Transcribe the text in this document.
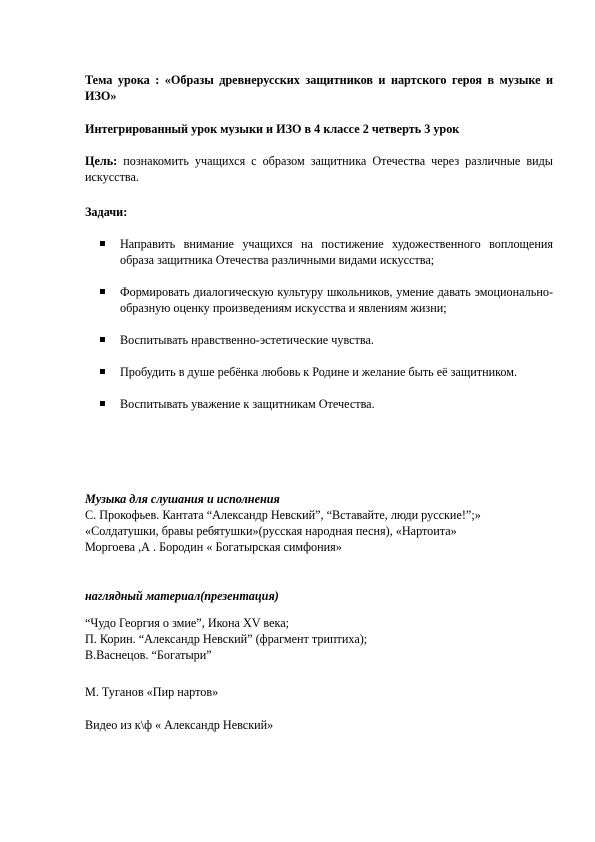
Тема урока : «Образы древнерусских защитников и нартского героя в музыке и ИЗО»
Интегрированный урок музыки и ИЗО в 4 классе 2 четверть 3 урок
Цель: познакомить учащихся с образом защитника Отечества через различные виды искусства.
Задачи:
Направить внимание учащихся на постижение художественного воплощения образа защитника Отечества различными видами искусства;
Формировать диалогическую культуру школьников, умение давать эмоционально-образную оценку произведениям искусства и явлениям жизни;
Воспитывать нравственно-эстетические чувства.
Пробудить в душе ребёнка любовь к Родине и желание быть её защитником.
Воспитывать уважение к защитникам Отечества.
Музыка для слушания и исполнения
С. Прокофьев. Кантата “Александр Невский”, “Вставайте, люди русские!”;»
«Солдатушки, бравы ребятушки»(русская народная песня), «Нартоита»
Моргоева ,А . Бородин « Богатырская симфония»
наглядный материал(презентация)
“Чудо Георгия о змие”, Икона XV века;
П. Корин. “Александр Невский” (фрагмент триптиха);
В.Васнецов. “Богатыри”
М. Туганов «Пир нартов»
Видео из к\ф « Александр Невский»
